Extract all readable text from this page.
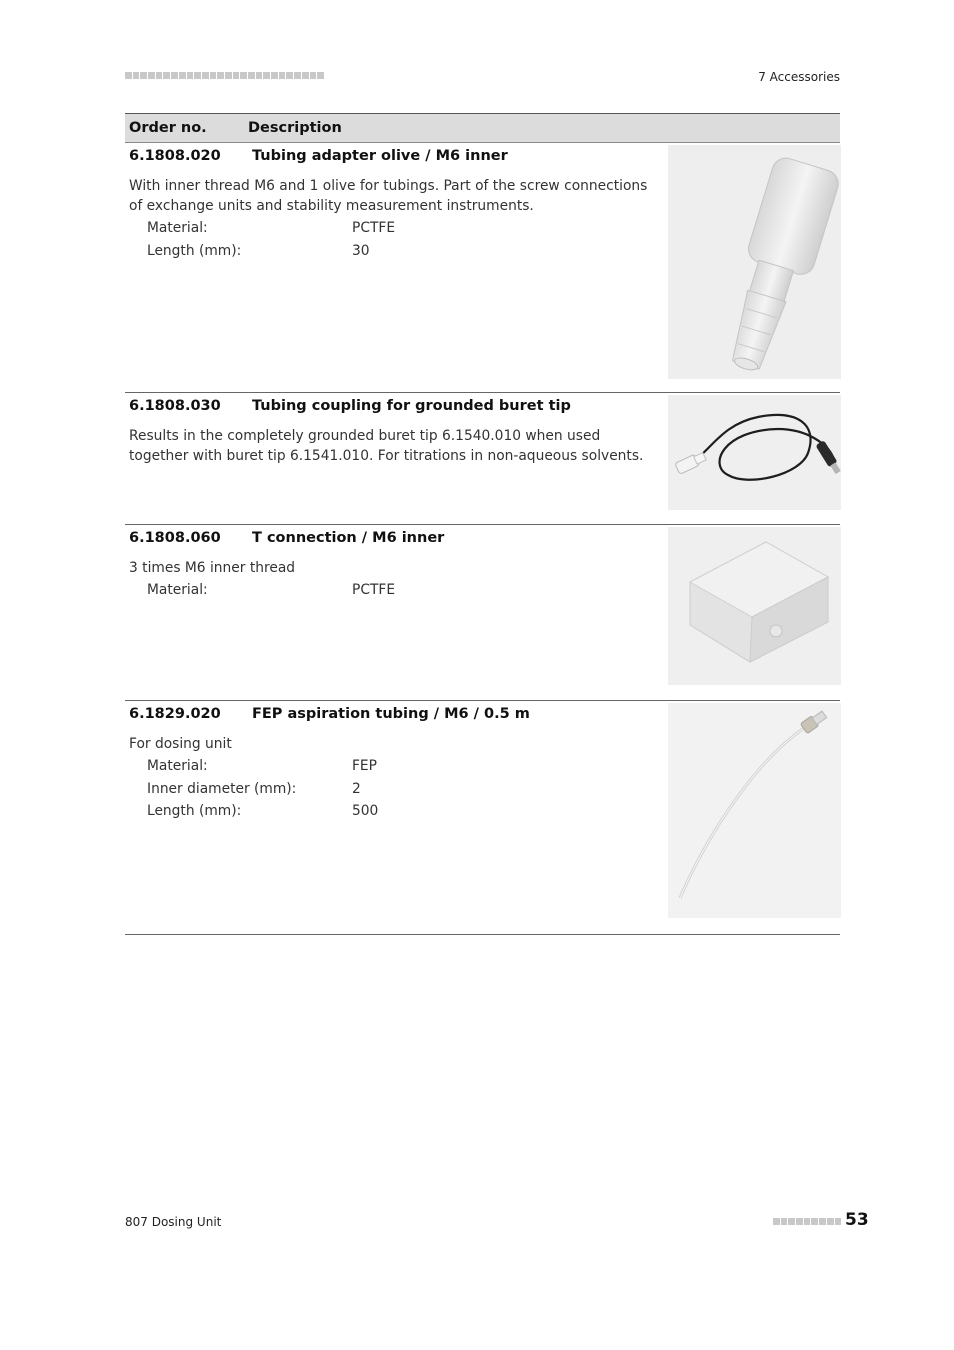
7 Accessories
Order no.	Description
6.1808.020	Tubing adapter olive / M6 inner
With inner thread M6 and 1 olive for tubings. Part of the screw connections of exchange units and stability measurement instruments.
Material:	PCTFE
Length (mm):	30
6.1808.030	Tubing coupling for grounded buret tip
Results in the completely grounded buret tip 6.1540.010 when used together with buret tip 6.1541.010. For titrations in non-aqueous solvents.
6.1808.060	T connection / M6 inner
3 times M6 inner thread
Material:	PCTFE
6.1829.020	FEP aspiration tubing / M6 / 0.5 m
For dosing unit
Material:	FEP
Inner diameter (mm):	2
Length (mm):	500
807 Dosing Unit	53
